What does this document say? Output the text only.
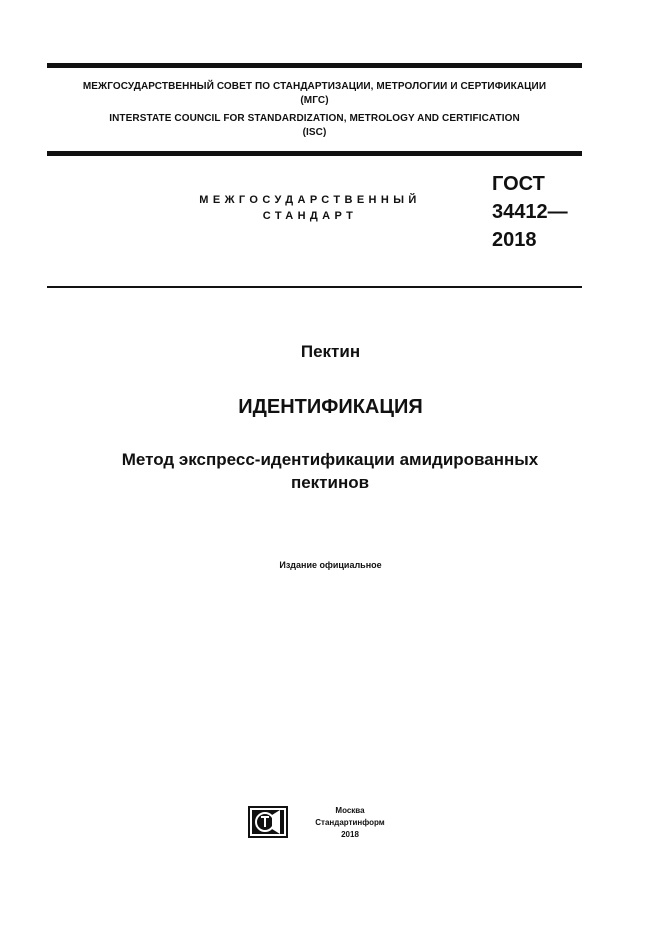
МЕЖГОСУДАРСТВЕННЫЙ СОВЕТ ПО СТАНДАРТИЗАЦИИ, МЕТРОЛОГИИ И СЕРТИФИКАЦИИ
(МГС)
INTERSTATE COUNCIL FOR STANDARDIZATION, METROLOGY AND CERTIFICATION
(ISC)
МЕЖГОСУДАРСТВЕННЫЙ
СТАНДАРТ
ГОСТ
34412—
2018
Пектин
ИДЕНТИФИКАЦИЯ
Метод экспресс-идентификации амидированных
пектинов
Издание официальное
Москва
Стандартинформ
2018
